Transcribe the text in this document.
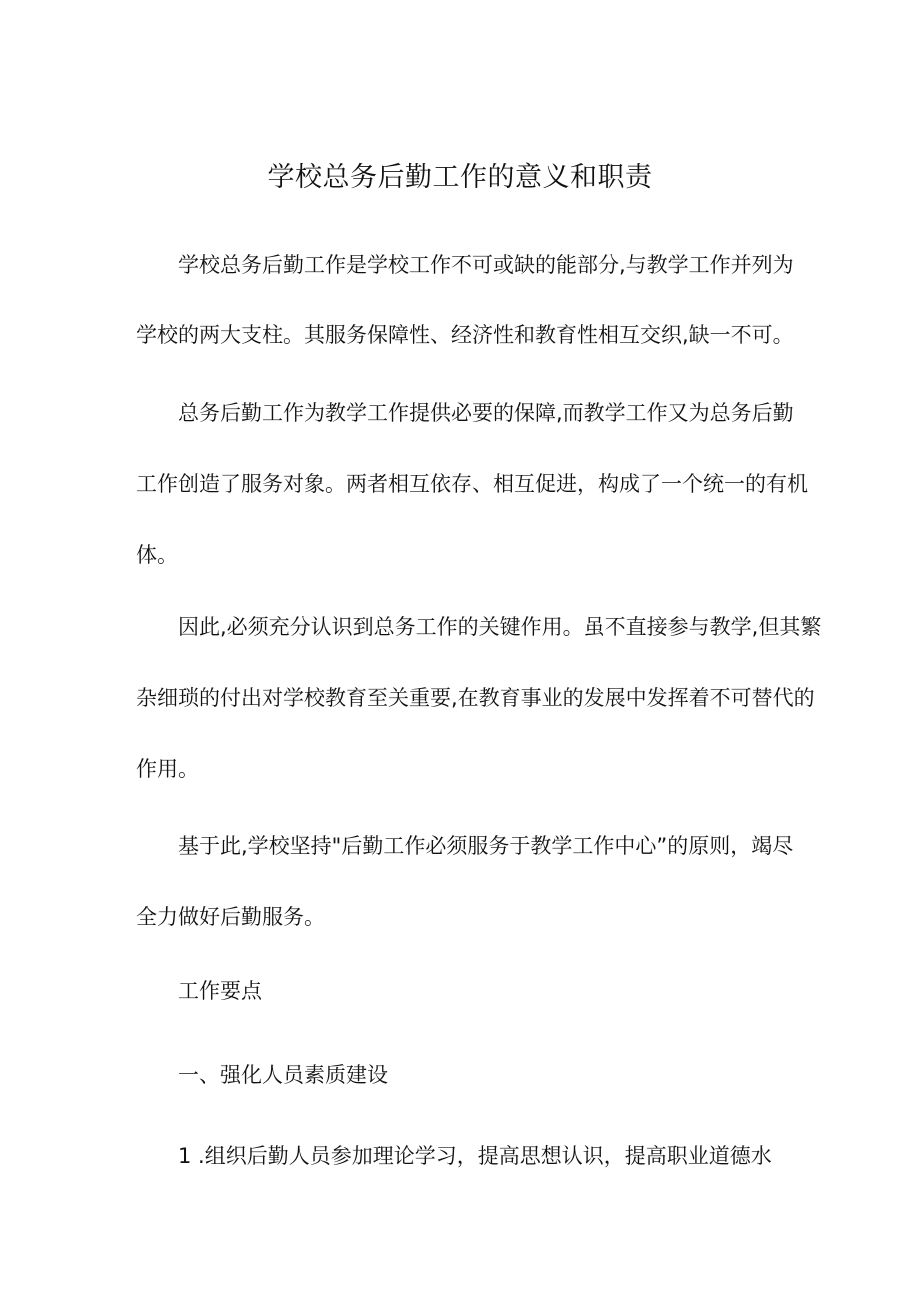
学校总务后勤工作的意义和职责
学校总务后勤工作是学校工作不可或缺的能部分,与教学工作并列为
学校的两大支柱。其服务保障性、经济性和教育性相互交织,缺一不可。
总务后勤工作为教学工作提供必要的保障,而教学工作又为总务后勤
工作创造了服务对象。两者相互依存、相互促进，构成了一个统一的有机
体。
因此,必须充分认识到总务工作的关键作用。虽不直接参与教学,但其繁
杂细琐的付出对学校教育至关重要,在教育事业的发展中发挥着不可替代的
作用。
基于此,学校坚持"后勤工作必须服务于教学工作中心”的原则，竭尽
全力做好后勤服务。
工作要点
一、强化人员素质建设
1 .组织后勤人员参加理论学习，提高思想认识，提高职业道德水
